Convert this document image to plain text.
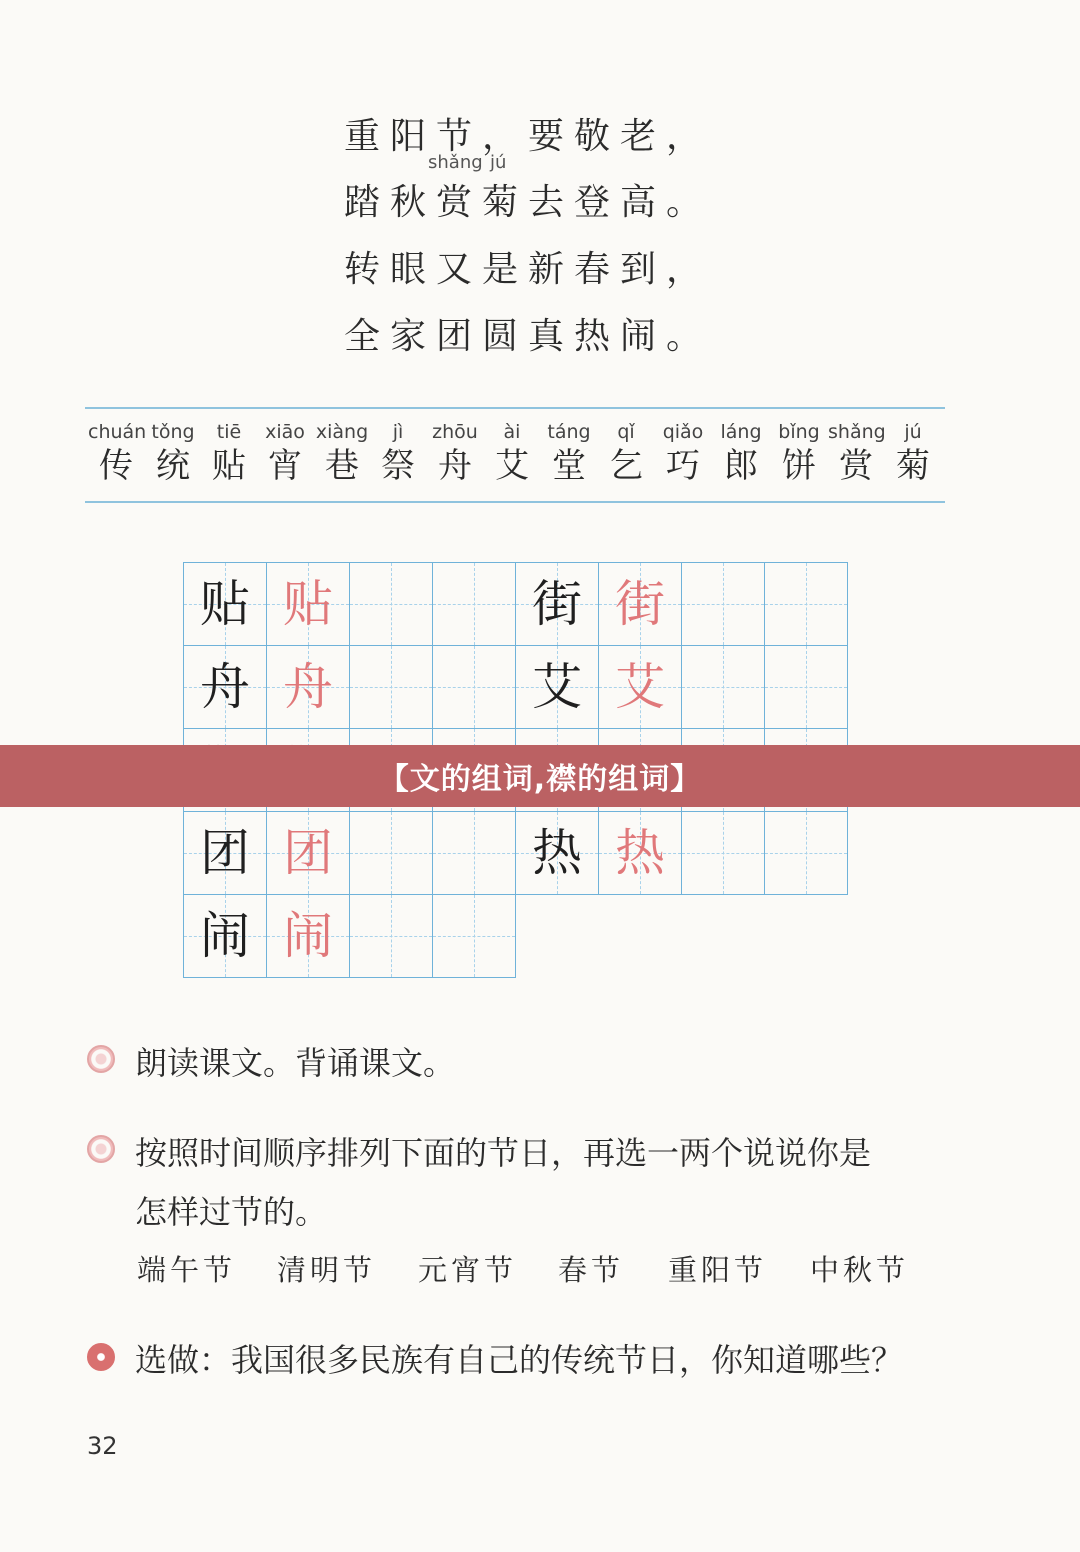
重阳节，要敬老，
shǎng jú
踏秋赏菊去登高。
转眼又是新春到，
全家团圆真热闹。
chuán
传
tǒng
统
tiē
贴
xiāo
宵
xiàng
巷
jì
祭
zhōu
舟
ài
艾
táng
堂
qǐ
乞
qiǎo
巧
láng
郎
bǐng
饼
shǎng
赏
jú
菊
贴 贴
舟 舟
团 团
闹 闹
街 街
艾 艾
热 热
【文的组词,襟的组词】
朗读课文。背诵课文。
按照时间顺序排列下面的节日，再选一两个说说你是
怎样过节的。
端午节 清明节 元宵节 春节 重阳节 中秋节
选做：我国很多民族有自己的传统节日，你知道哪些？
32
